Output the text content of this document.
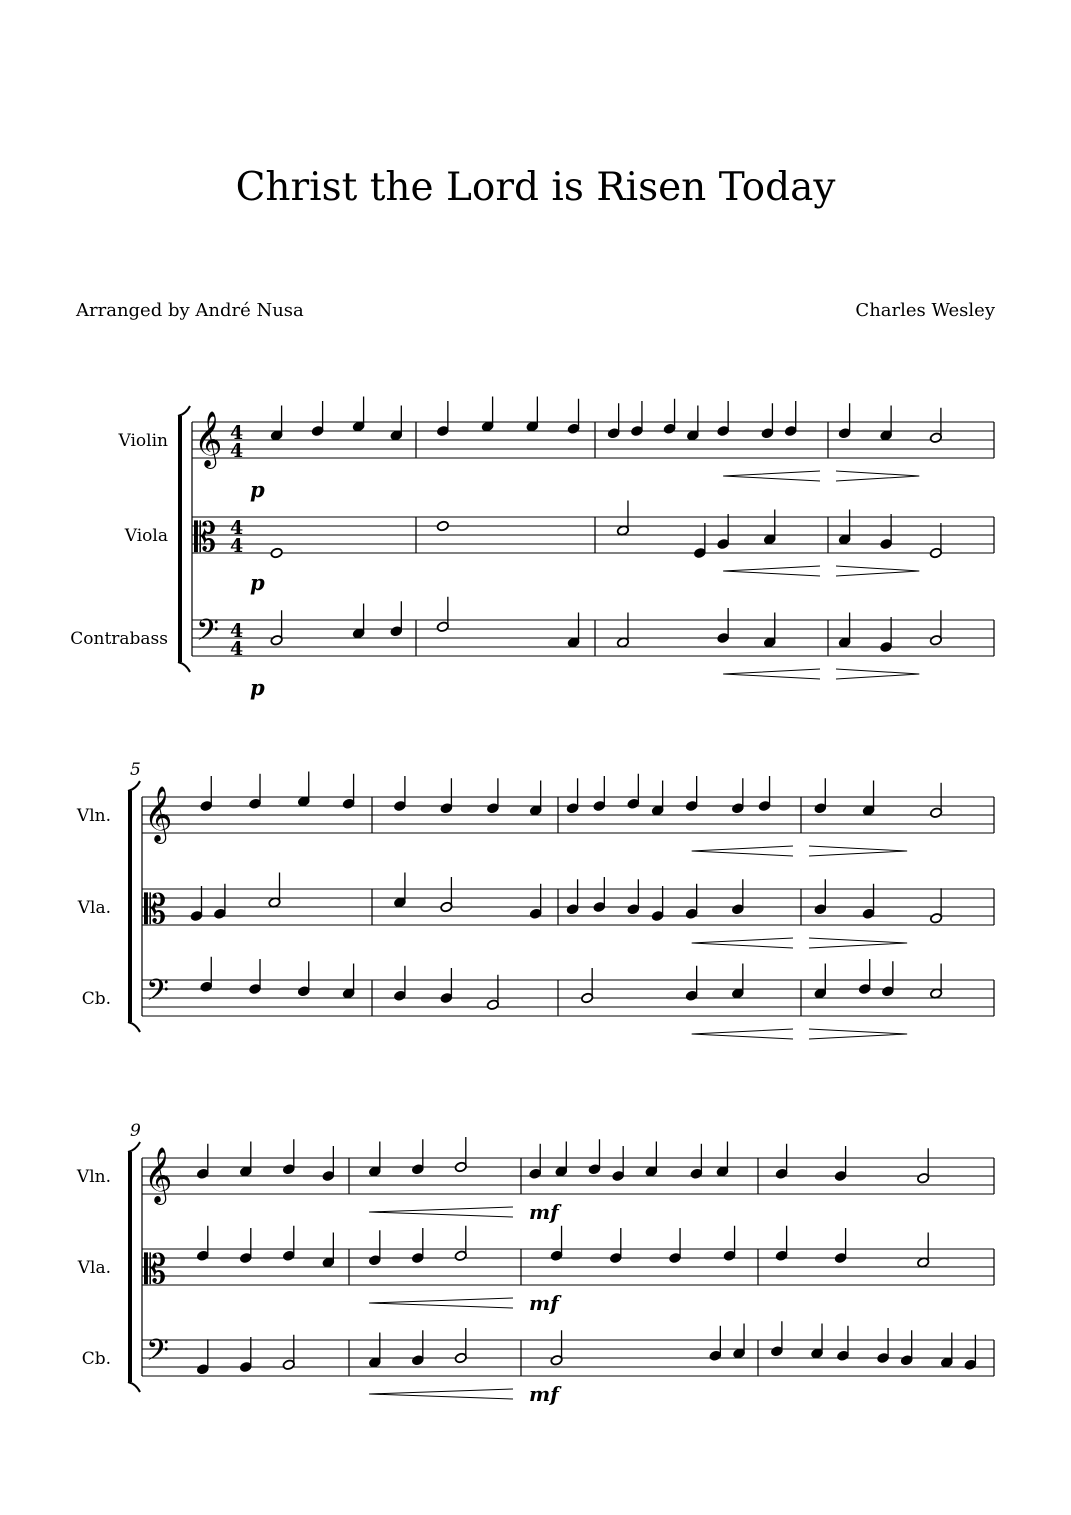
Christ the Lord is Risen Today
Arranged by André Nusa	Charles Wesley
Violin 𝄞 4
4
Viola 𝄡 4
4
Contrabass 𝄢 4
4
p
p
p
Vln. 𝄞
Vla. 𝄡
Cb. 𝄢
5
Vln. 𝄞
Vla. 𝄡
Cb. 𝄢
9
mf
mf
mf
